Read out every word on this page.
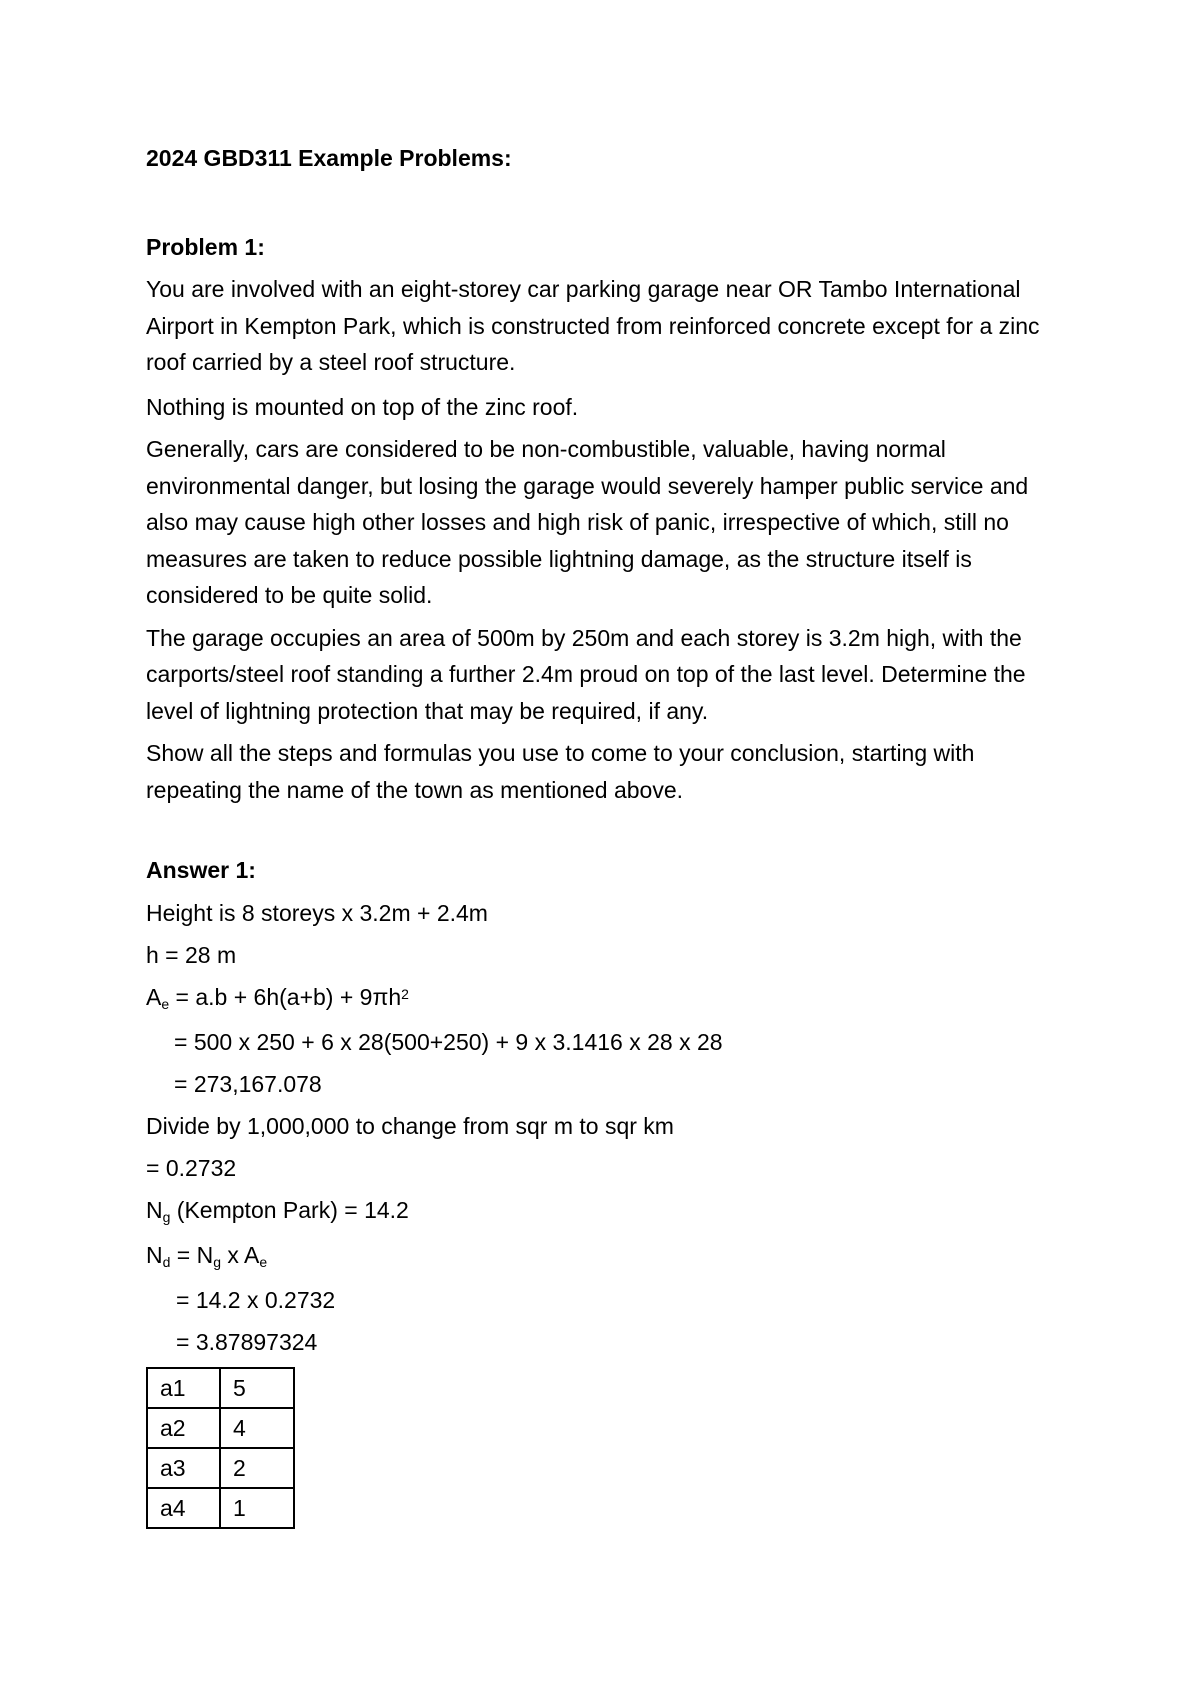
2024 GBD311 Example Problems:
Problem 1:

You are involved with an eight-storey car parking garage near OR Tambo International Airport in Kempton Park, which is constructed from reinforced concrete except for a zinc roof carried by a steel roof structure.

Nothing is mounted on top of the zinc roof.

Generally, cars are considered to be non-combustible, valuable, having normal environmental danger, but losing the garage would severely hamper public service and also may cause high other losses and high risk of panic, irrespective of which, still no measures are taken to reduce possible lightning damage, as the structure itself is considered to be quite solid.

The garage occupies an area of 500m by 250m and each storey is 3.2m high, with the carports/steel roof standing a further 2.4m proud on top of the last level. Determine the level of lightning protection that may be required, if any.

Show all the steps and formulas you use to come to your conclusion, starting with repeating the name of the town as mentioned above.

Answer 1:
Height is 8 storeys x 3.2m + 2.4m
h = 28 m
$A_e = a.b + 6h(a+b) + 9\pi h^2$
= 500 x 250 + 6 x 28(500+250) + 9 x 3.1416 x 28 x 28
= 273,167.078
Divide by 1,000,000 to change from sqr m to sqr km
= 0.2732
$N_g$ (Kempton Park) = 14.2
$N_d = N_g$ x $A_e$
= 14.2 x 0.2732
= 3.87897324
a1	5
a2	4
a3	2
a4	1
